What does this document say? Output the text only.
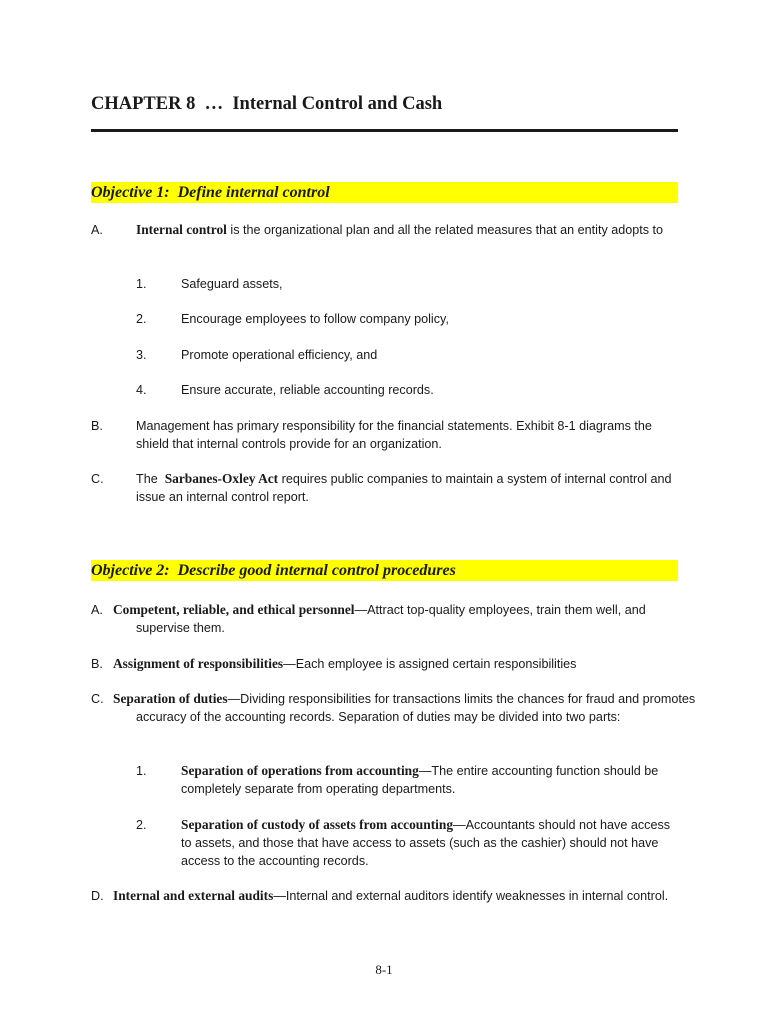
CHAPTER 8  …  Internal Control and Cash
Objective 1:  Define internal control
A. Internal control is the organizational plan and all the related measures that an entity adopts to
1.	Safeguard assets,
2.	Encourage employees to follow company policy,
3.	Promote operational efficiency, and
4.	Ensure accurate, reliable accounting records.
B.	Management has primary responsibility for the financial statements. Exhibit 8-1 diagrams the shield that internal controls provide for an organization.
C.	The  Sarbanes-Oxley Act requires public companies to maintain a system of internal control and issue an internal control report.
Objective 2:  Describe good internal control procedures
A. Competent, reliable, and ethical personnel—Attract top-quality employees, train them well, and supervise them.
B. Assignment of responsibilities—Each employee is assigned certain responsibilities
C. Separation of duties—Dividing responsibilities for transactions limits the chances for fraud and promotes accuracy of the accounting records. Separation of duties may be divided into two parts:
1.	Separation of operations from accounting—The entire accounting function should be completely separate from operating departments.
2.	Separation of custody of assets from accounting—Accountants should not have access to assets, and those that have access to assets (such as the cashier) should not have access to the accounting records.
D. Internal and external audits—Internal and external auditors identify weaknesses in internal control.
8-1
